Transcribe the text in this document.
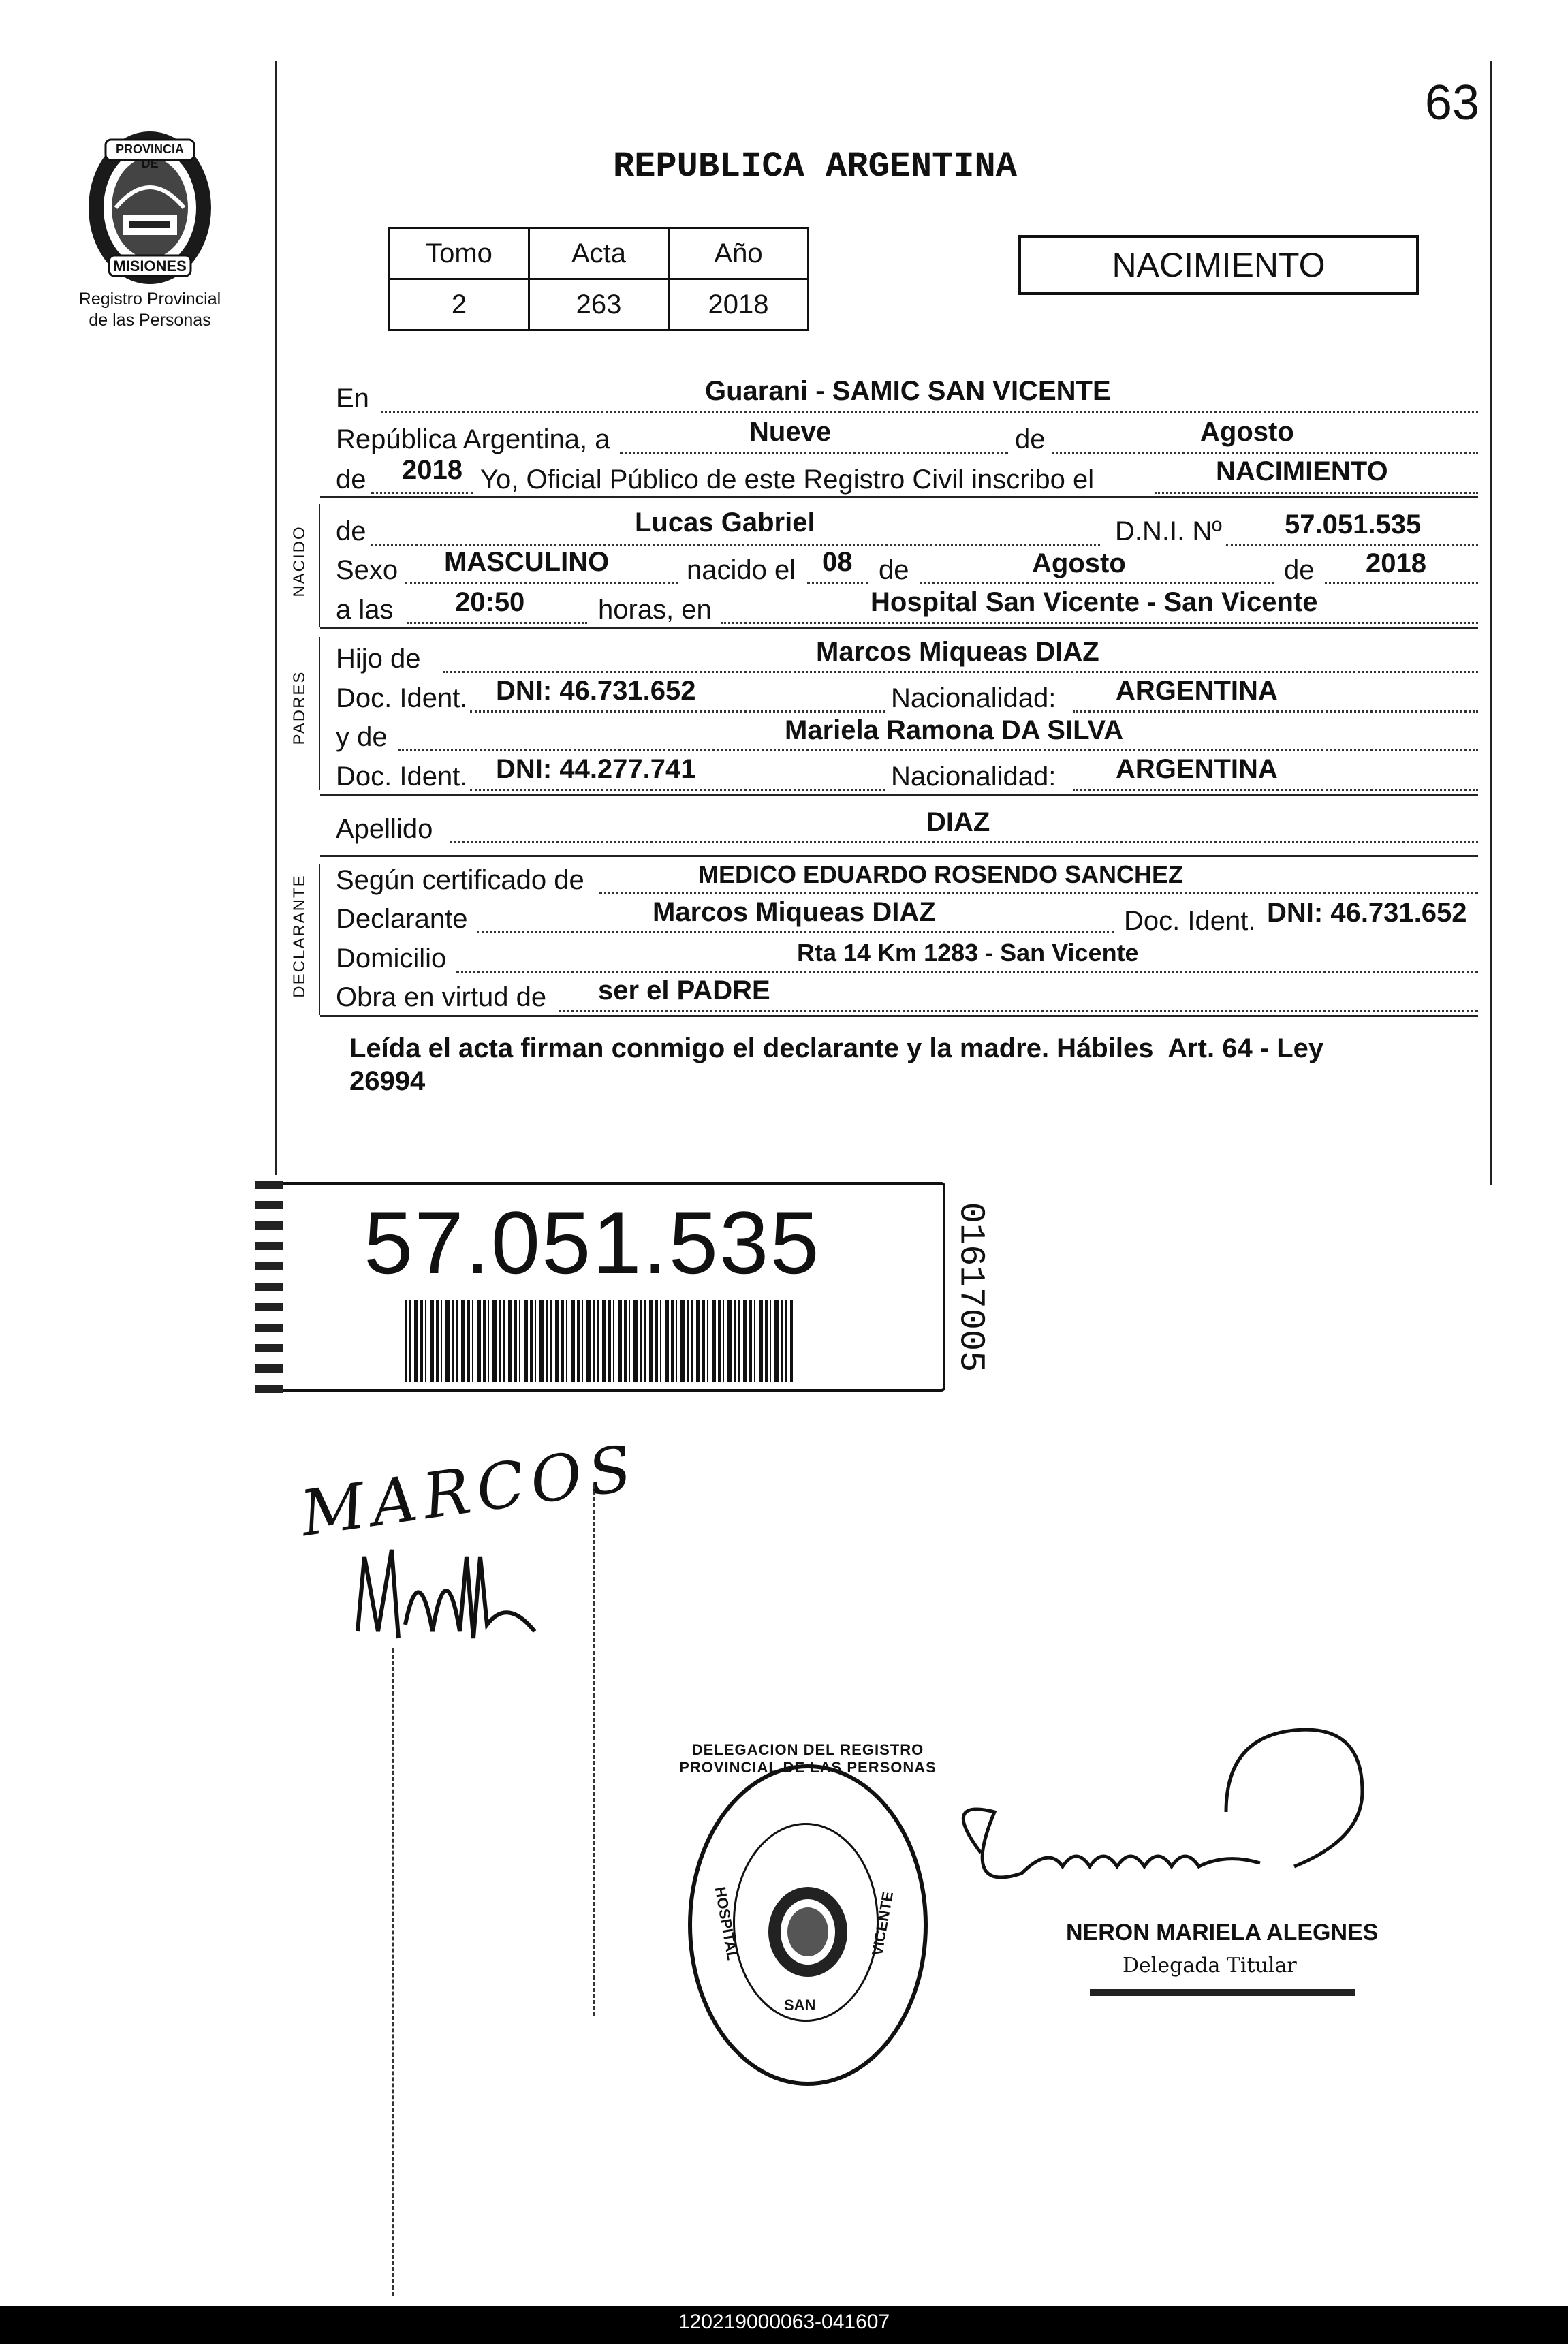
63
PROVINCIA DE
MISIONES
Registro Provincial
de las Personas
REPUBLICA ARGENTINA
Tomo	Acta	Año
2	263	2018
NACIMIENTO
En	Guarani - SAMIC SAN VICENTE
República Argentina, a	Nueve	de	Agosto
de 2018 Yo, Oficial Público de este Registro Civil inscribo el	NACIMIENTO
NACIDO de	Lucas Gabriel	D.N.I. Nº 57.051.535
Sexo MASCULINO	nacido el 08 de	Agosto	de 2018
a las 20:50	horas, en	Hospital San Vicente - San Vicente
PADRES
Hijo de	Marcos Miqueas DIAZ
Doc. Ident. DNI: 46.731.652	Nacionalidad: ARGENTINA
y de	Mariela Ramona DA SILVA
Doc. Ident. DNI: 44.277.741	Nacionalidad: ARGENTINA
Apellido	DIAZ
DECLARANTE Según certificado de	MEDICO EDUARDO ROSENDO SANCHEZ
Declarante	Marcos Miqueas DIAZ	Doc. Ident. DNI: 46.731.652
Domicilio	Rta 14 Km 1283 - San Vicente
Obra en virtud de ser el PADRE
Leída el acta firman conmigo el declarante y la madre. Hábiles  Art. 64 - Ley
26994
57.051.535	01617005
MARCOS
DELEGACION DEL REGISTRO PROVINCIAL DE LAS PERSONAS
HOSPITAL	VICENTE
SAN
NERON MARIELA ALEGNES
Delegada Titular
120219000063-041607
